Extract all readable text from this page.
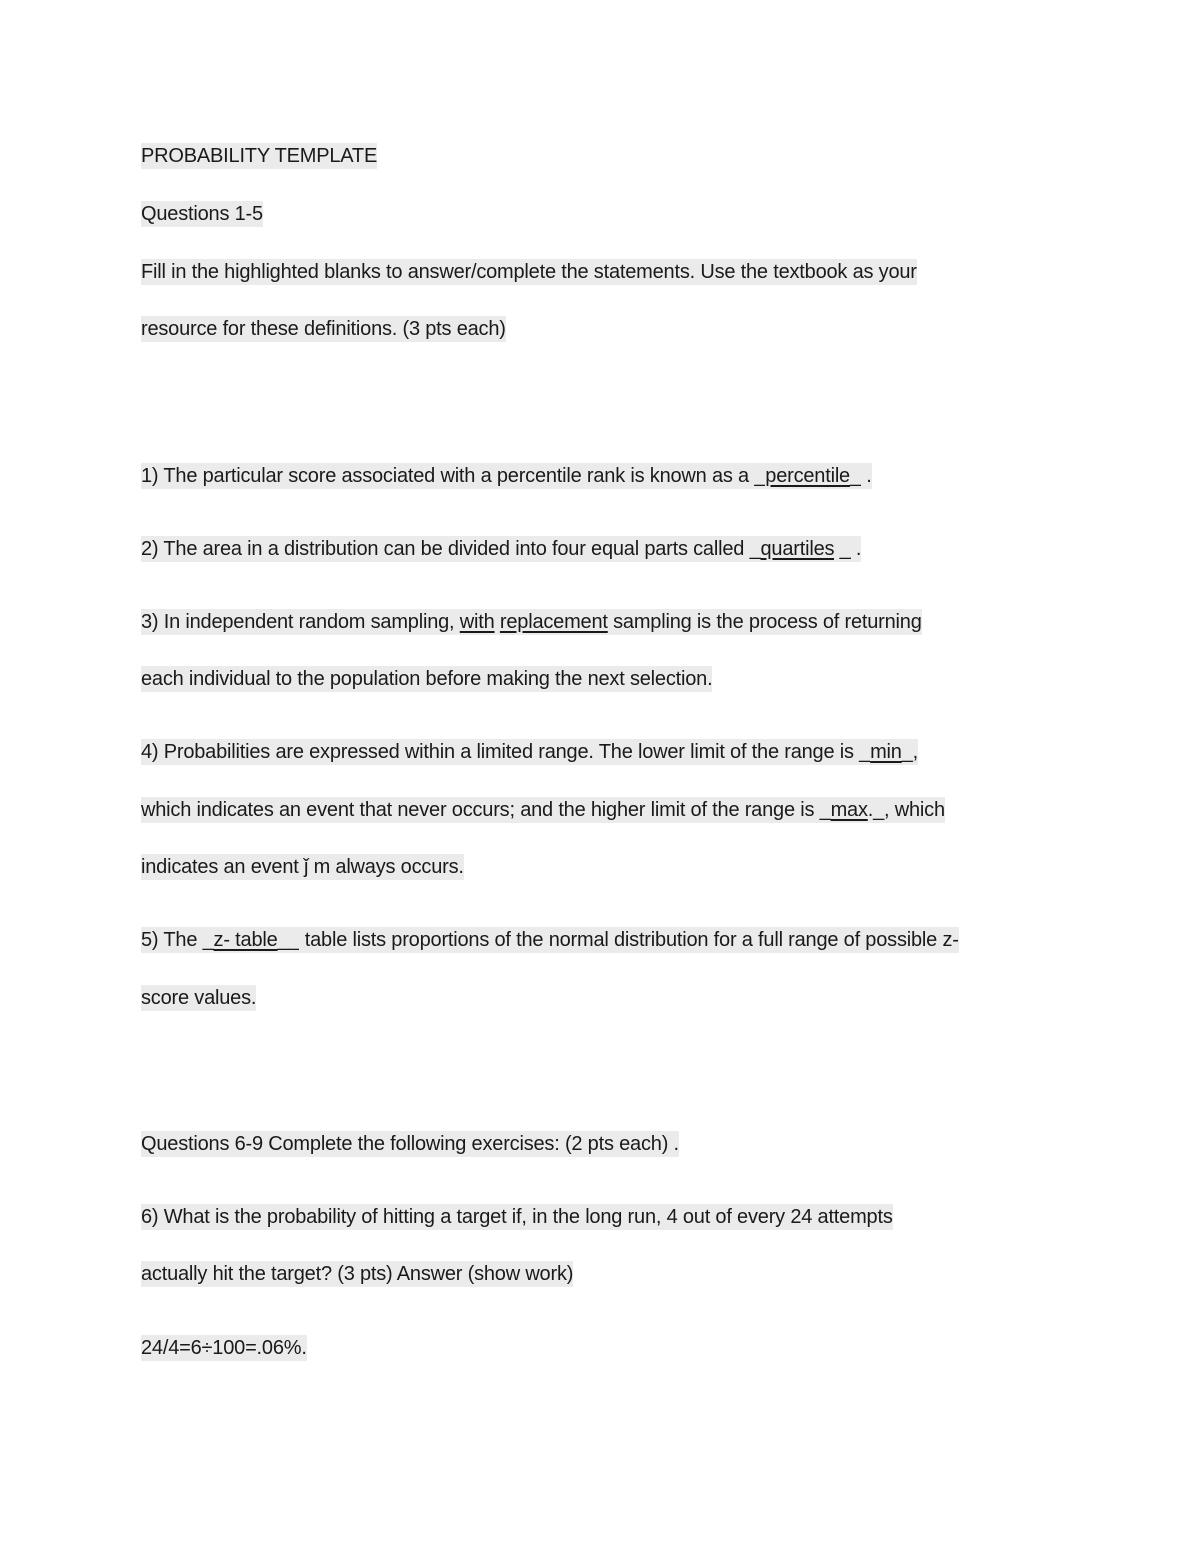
PROBABILITY TEMPLATE
Questions 1-5
Fill in the highlighted blanks to answer/complete the statements. Use the textbook as your
resource for these definitions. (3 pts each)
1) The particular score associated with a percentile rank is known as a _percentile_ .
2) The area in a distribution can be divided into four equal parts called _quartiles _ .
3) In independent random sampling, with replacement sampling is the process of returning
each individual to the population before making the next selection.
4) Probabilities are expressed within a limited range. The lower limit of the range is _min_,
which indicates an event that never occurs; and the higher limit of the range is _max._, which
indicates an event ǰ m always occurs.
5) The _z- table__ table lists proportions of the normal distribution for a full range of possible z-
score values.
Questions 6-9 Complete the following exercises: (2 pts each) .
6) What is the probability of hitting a target if, in the long run, 4 out of every 24 attempts
actually hit the target? (3 pts) Answer (show work)
24/4=6÷100=.06%.
